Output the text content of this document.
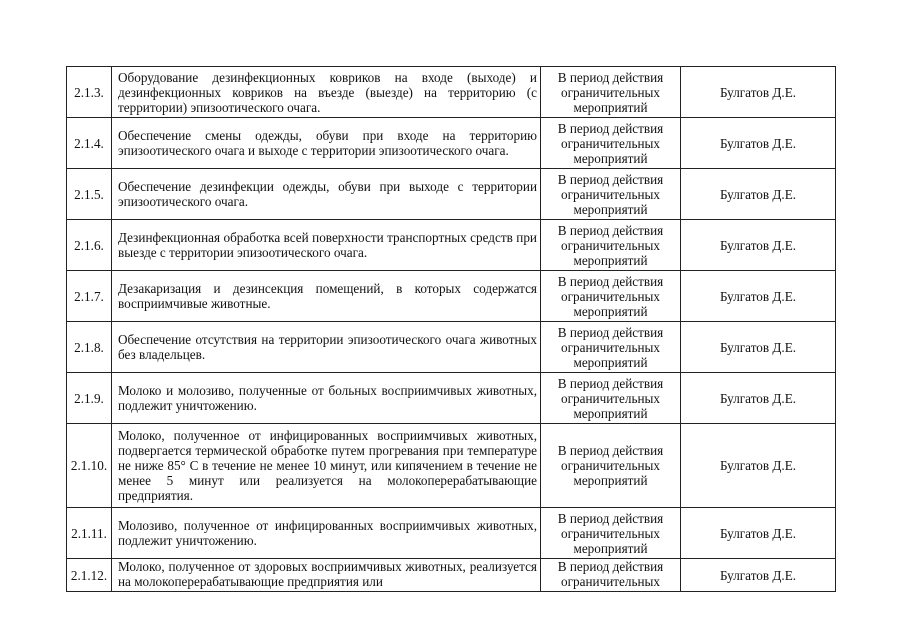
2.1.3.	Оборудование дезинфекционных ковриков на входе (выходе) и дезинфекционных ковриков на въезде (выезде) на территорию (с территории) эпизоотического очага.	В период действия ограничительных мероприятий	Булгатов Д.Е.
2.1.4.	Обеспечение смены одежды, обуви при входе на территорию эпизоотического очага и выходе с территории эпизоотического очага.	В период действия ограничительных мероприятий	Булгатов Д.Е.
2.1.5.	Обеспечение дезинфекции одежды, обуви при выходе с территории эпизоотического очага.	В период действия ограничительных мероприятий	Булгатов Д.Е.
2.1.6.	Дезинфекционная обработка всей поверхности транспортных средств при выезде с территории эпизоотического очага.	В период действия ограничительных мероприятий	Булгатов Д.Е.
2.1.7.	Дезакаризация и дезинсекция помещений, в которых содержатся восприимчивые животные.	В период действия ограничительных мероприятий	Булгатов Д.Е.
2.1.8.	Обеспечение отсутствия на территории эпизоотического очага животных без владельцев.	В период действия ограничительных мероприятий	Булгатов Д.Е.
2.1.9.	Молоко и молозиво, полученные от больных восприимчивых животных, подлежит уничтожению.	В период действия ограничительных мероприятий	Булгатов Д.Е.
2.1.10.	Молоко, полученное от инфицированных восприимчивых животных, подвергается термической обработке путем прогревания при температуре не ниже 85° С в течение не менее 10 минут, или кипячением в течение не менее 5 минут или реализуется на молокоперерабатывающие предприятия.	В период действия ограничительных мероприятий	Булгатов Д.Е.
2.1.11.	Молозиво, полученное от инфицированных восприимчивых животных, подлежит уничтожению.	В период действия ограничительных мероприятий	Булгатов Д.Е.
2.1.12.	Молоко, полученное от здоровых восприимчивых животных, реализуется на молокоперерабатывающие предприятия или	В период действия ограничительных	Булгатов Д.Е.
